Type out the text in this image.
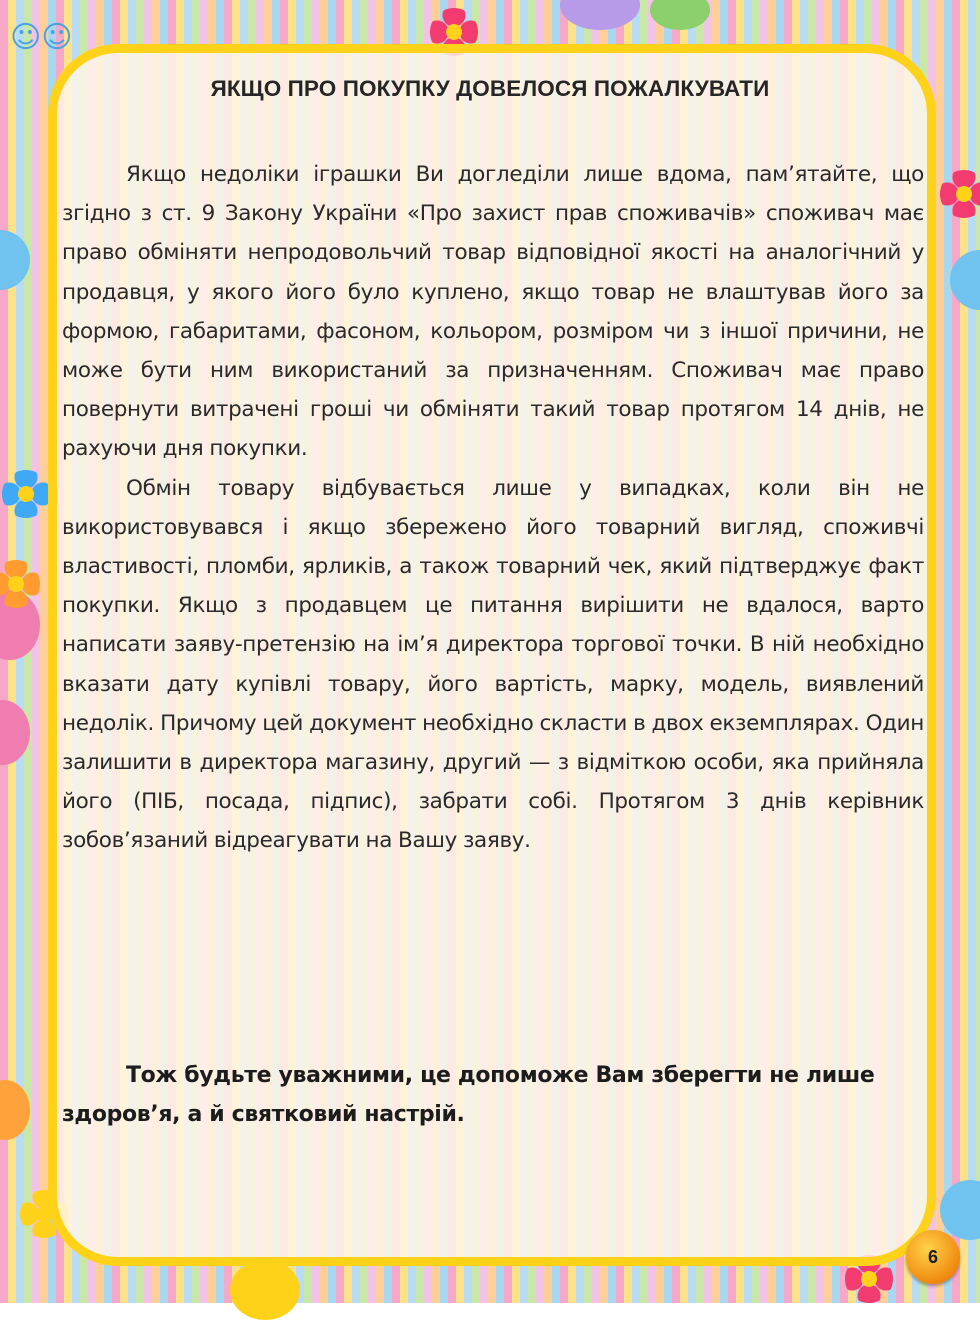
☺☺
ЯКЩО ПРО ПОКУПКУ ДОВЕЛОСЯ ПОЖАЛКУВАТИ

Якщо недоліки іграшки Ви догледіли лише вдома, пам’ятайте, що згідно з ст. 9 Закону України «Про захист прав споживачів» споживач має право обміняти непродовольчий товар відповідної якості на аналогічний у продавця, у якого його було куплено, якщо товар не влаштував його за формою, габаритами, фасоном, кольором, розміром чи з іншої причини, не може бути ним використаний за призначенням. Споживач має право повернути витрачені гроші чи обміняти такий товар протягом 14 днів, не рахуючи дня покупки.

Обмін товару відбувається лише у випадках, коли він не використовувався і якщо збережено його товарний вигляд, споживчі властивості, пломби, ярликів, а також товарний чек, який підтверджує факт покупки. Якщо з продавцем це питання вирішити не вдалося, варто написати заяву-претензію на ім’я директора торгової точки. В ній необхідно вказати дату купівлі товару, його вартість, марку, модель, виявлений недолік. Причому цей документ необхідно скласти в двох екземплярах. Один залишити в директора магазину, другий — з відміткою особи, яка прийняла його (ПІБ, посада, підпис), забрати собі. Протягом 3 днів керівник зобов’язаний відреагувати на Вашу заяву.

Тож будьте уважними, це допоможе Вам зберегти не лише здоров’я, а й святковий настрій.

6
